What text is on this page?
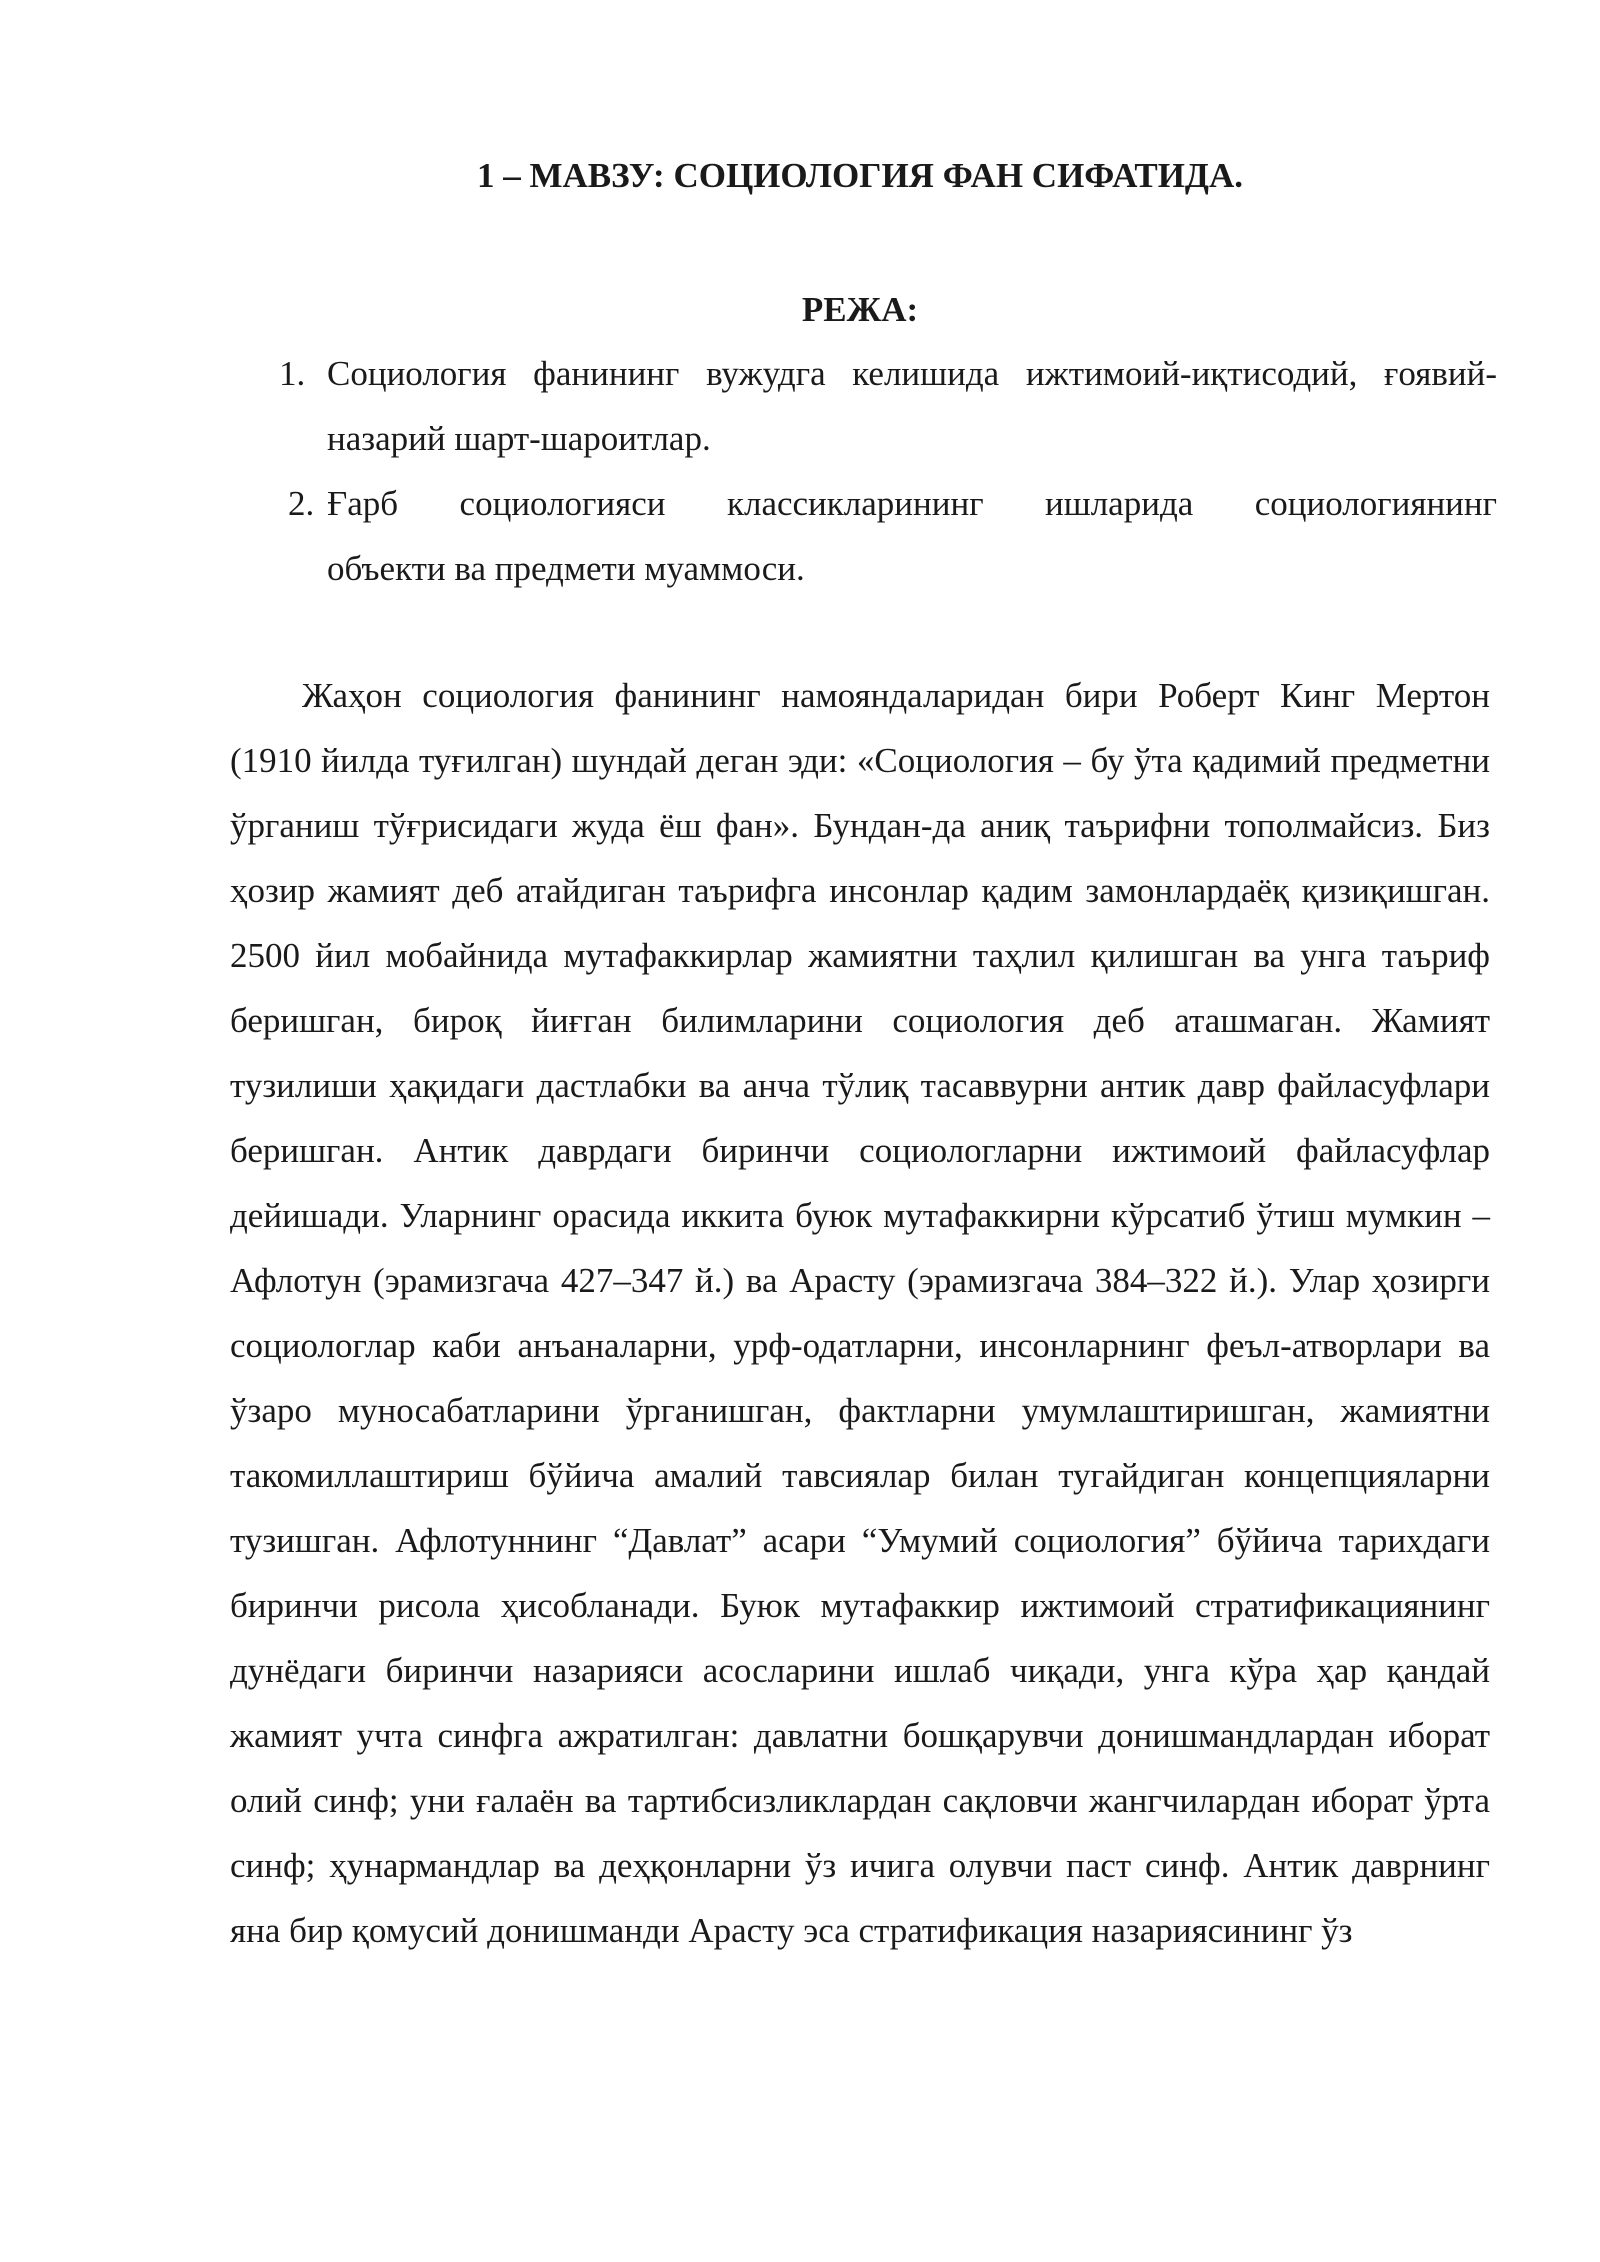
1 – МАВЗУ: СОЦИОЛОГИЯ ФАН СИФАТИДА.
РЕЖА:
1. Социология фанининг вужудга келишида ижтимоий-иқтисодий, ғоявий-
назарий шарт-шароитлар.
2. Ғарб социологияси классикларининг ишларида социологиянинг
объекти ва предмети муаммоси.

Жаҳон социология фанининг намояндаларидан бири Роберт Кинг Мертон (1910 йилда туғилган) шундай деган эди: «Социология – бу ўта қадимий предметни ўрганиш тўғрисидаги жуда ёш фан». Бундан-да аниқ таърифни тополмайсиз. Биз ҳозир жамият деб атайдиган таърифга инсонлар қадим замонлардаёқ қизиқишган. 2500 йил мобайнида мутафаккирлар жамиятни таҳлил қилишган ва унга таъриф беришган, бироқ йиғган билимларини социология деб аташмаган. Жамият тузилиши ҳақидаги дастлабки ва анча тўлиқ тасаввурни антик давр файласуфлари беришган. Антик даврдаги биринчи социологларни ижтимоий файласуфлар дейишади. Уларнинг орасида иккита буюк мутафаккирни кўрсатиб ўтиш мумкин – Афлотун (эрамизгача 427–347 й.) ва Арасту (эрамизгача 384–322 й.). Улар ҳозирги социологлар каби анъаналарни, урф-одатларни, инсонларнинг феъл-атворлари ва ўзаро муносабатларини ўрганишган, фактларни умумлаштиришган, жамиятни такомиллаштириш бўйича амалий тавсиялар билан тугайдиган концепцияларни тузишган. Афлотуннинг “Давлат” асари “Умумий социология” бўйича тарихдаги биринчи рисола ҳисобланади. Буюк мутафаккир ижтимоий стратификациянинг дунёдаги биринчи назарияси асосларини ишлаб чиқади, унга кўра ҳар қандай жамият учта синфга ажратилган: давлатни бошқарувчи донишмандлардан иборат олий синф; уни ғалаён ва тартибсизликлардан сақловчи жангчилардан иборат ўрта синф; ҳунармандлар ва деҳқонларни ўз ичига олувчи паст синф. Антик даврнинг яна бир қомусий донишманди Арасту эса стратификация назариясининг ўз
